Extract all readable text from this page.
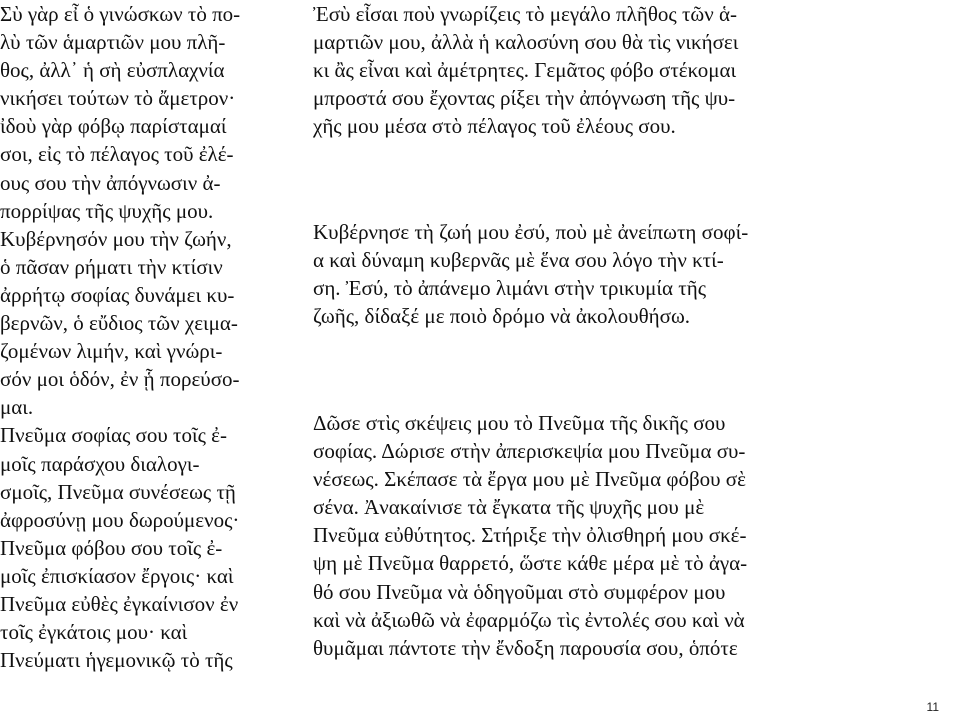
Σὺ γὰρ εἶ ὁ γινώσκων τὸ πο-
λὺ τῶν ἁμαρτιῶν μου πλῆ-
θος, ἀλλ᾽ ἡ σὴ εὐσπλαχνία
νικήσει τούτων τὸ ἄμετρον·
ἰδοὺ γὰρ φόβῳ παρίσταμαί
σοι, εἰς τὸ πέλαγος τοῦ ἐλέ-
ους σου τὴν ἀπόγνωσιν ἀ-
πορρίψας τῆς ψυχῆς μου.
Κυβέρνησόν μου τὴν ζωήν,
ὁ πᾶσαν ρήματι τὴν κτίσιν
ἀρρήτῳ σοφίας δυνάμει κυ-
βερνῶν, ὁ εὔδιος τῶν χειμα-
ζομένων λιμήν, καὶ γνώρι-
σόν μοι ὁδόν, ἐν ᾗ πορεύσο-
μαι.
Πνεῦμα σοφίας σου τοῖς ἐ-
μοῖς παράσχου διαλογι-
σμοῖς, Πνεῦμα συνέσεως τῇ
ἀφροσύνῃ μου δωρούμενος·
Πνεῦμα φόβου σου τοῖς ἐ-
μοῖς ἐπισκίασον ἔργοις· καὶ
Πνεῦμα εὐθὲς ἐγκαίνισον ἐν
τοῖς ἐγκάτοις μου· καὶ
Πνεύματι ἡγεμονικῷ τὸ τῆς
Ἐσὺ εἶσαι ποὺ γνωρίζεις τὸ μεγάλο πλῆθος τῶν ἁ-
μαρτιῶν μου, ἀλλὰ ἡ καλοσύνη σου θὰ τὶς νικήσει
κι ἂς εἶναι καὶ ἀμέτρητες. Γεμᾶτος φόβο στέκομαι
μπροστά σου ἔχοντας ρίξει τὴν ἀπόγνωση τῆς ψυ-
χῆς μου μέσα στὸ πέλαγος τοῦ ἐλέους σου.
Κυβέρνησε τὴ ζωή μου ἐσύ, ποὺ μὲ ἀνείπωτη σοφί-
α καὶ δύναμη κυβερνᾶς μὲ ἕνα σου λόγο τὴν κτί-
ση. Ἐσύ, τὸ ἀπάνεμο λιμάνι στὴν τρικυμία τῆς
ζωῆς, δίδαξέ με ποιὸ δρόμο νὰ ἀκολουθήσω.
Δῶσε στὶς σκέψεις μου τὸ Πνεῦμα τῆς δικῆς σου
σοφίας. Δώρισε στὴν ἀπερισκεψία μου Πνεῦμα συ-
νέσεως. Σκέπασε τὰ ἔργα μου μὲ Πνεῦμα φόβου σὲ
σένα. Ἀνακαίνισε τὰ ἔγκατα τῆς ψυχῆς μου μὲ
Πνεῦμα εὐθύτητος. Στήριξε τὴν ὀλισθηρή μου σκέ-
ψη μὲ Πνεῦμα θαρρετό, ὥστε κάθε μέρα μὲ τὸ ἀγα-
θό σου Πνεῦμα νὰ ὁδηγοῦμαι στὸ συμφέρον μου
καὶ νὰ ἀξιωθῶ νὰ ἐφαρμόζω τὶς ἐντολές σου καὶ νὰ
θυμᾶμαι πάντοτε τὴν ἔνδοξη παρουσία σου, ὁπότε
11
